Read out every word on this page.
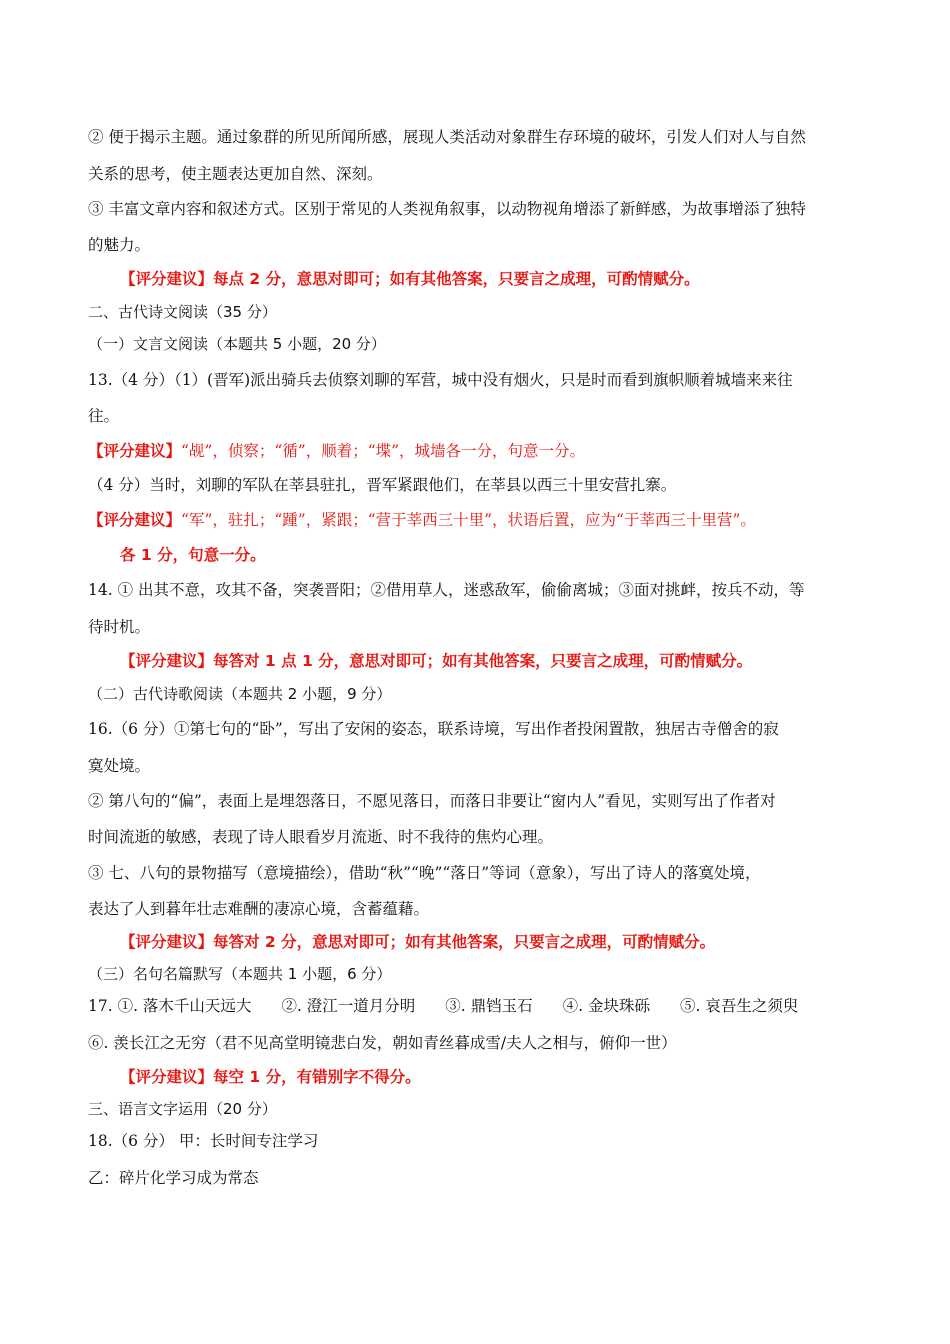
② 便于揭示主题。通过象群的所见所闻所感，展现人类活动对象群生存环境的破坏，引发人们对人与自然
关系的思考，使主题表达更加自然、深刻。
③ 丰富文章内容和叙述方式。区别于常见的人类视角叙事，以动物视角增添了新鲜感，为故事增添了独特
的魅力。
【评分建议】每点 2 分，意思对即可；如有其他答案，只要言之成理，可酌情赋分。
二、古代诗文阅读（35 分）
（一）文言文阅读（本题共 5 小题，20 分）
13.（4 分）（1）(晋军)派出骑兵去侦察刘聊的军营，城中没有烟火，只是时而看到旗帜顺着城墙来来往
往。
【评分建议】“觇”，侦察；“循”，顺着；“堞”，城墙各一分，句意一分。
（4 分）当时，刘聊的军队在莘县驻扎，晋军紧跟他们，在莘县以西三十里安营扎寨。
【评分建议】“军”，驻扎；“踵”，紧跟；“营于莘西三十里”，状语后置，应为“于莘西三十里营”。
各 1 分，句意一分。
14. ① 出其不意，攻其不备，突袭晋阳；②借用草人，迷惑敌军，偷偷离城；③面对挑衅，按兵不动，等
待时机。
【评分建议】每答对 1 点 1 分，意思对即可；如有其他答案，只要言之成理，可酌情赋分。
（二）古代诗歌阅读（本题共 2 小题，9 分）
16.（6 分）①第七句的“卧”，写出了安闲的姿态，联系诗境，写出作者投闲置散，独居古寺僧舍的寂
寞处境。
② 第八句的“偏”，表面上是埋怨落日，不愿见落日，而落日非要让“窗内人”看见，实则写出了作者对
时间流逝的敏感，表现了诗人眼看岁月流逝、时不我待的焦灼心理。
③ 七、八句的景物描写（意境描绘），借助“秋”“晚”“落日”等词（意象），写出了诗人的落寞处境，
表达了人到暮年壮志难酬的凄凉心境，含蓄蕴藉。
【评分建议】每答对 2 分，意思对即可；如有其他答案，只要言之成理，可酌情赋分。
（三）名句名篇默写（本题共 1 小题，6 分）
17. ①. 落木千山天远大 ②. 澄江一道月分明 ③. 鼎铛玉石 ④. 金块珠砾 ⑤. 哀吾生之须臾
⑥. 羡长江之无穷（君不见高堂明镜悲白发，朝如青丝暮成雪/夫人之相与，俯仰一世）
【评分建议】每空 1 分，有错别字不得分。
三、语言文字运用（20 分）
18.（6 分） 甲：长时间专注学习
乙：碎片化学习成为常态
